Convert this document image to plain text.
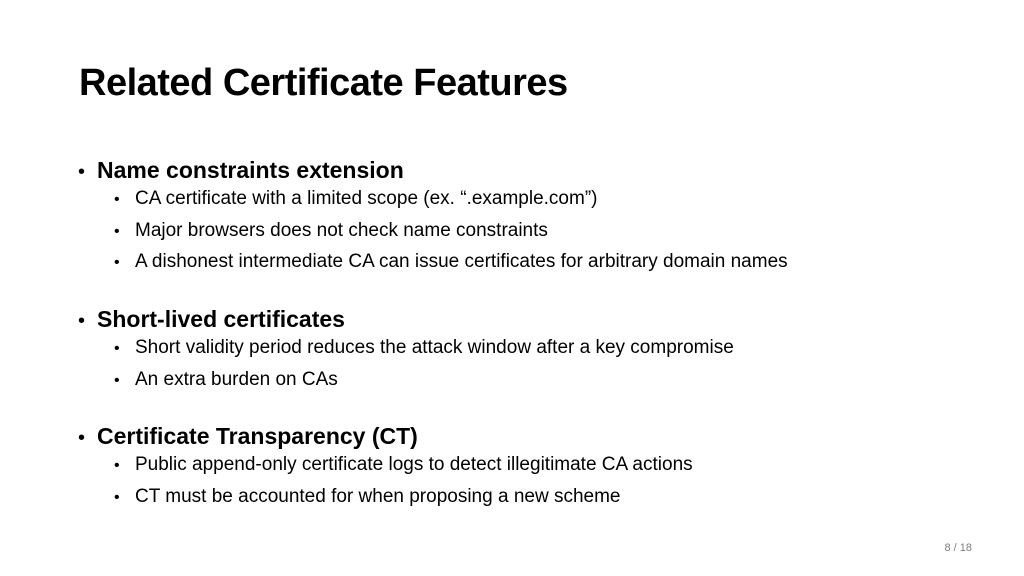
Related Certificate Features
• Name constraints extension
• CA certificate with a limited scope (ex. “.example.com”)
• Major browsers does not check name constraints
• A dishonest intermediate CA can issue certificates for arbitrary domain names
• Short-lived certificates
• Short validity period reduces the attack window after a key compromise
• An extra burden on CAs
• Certificate Transparency (CT)
• Public append-only certificate logs to detect illegitimate CA actions
• CT must be accounted for when proposing a new scheme
8 / 18
